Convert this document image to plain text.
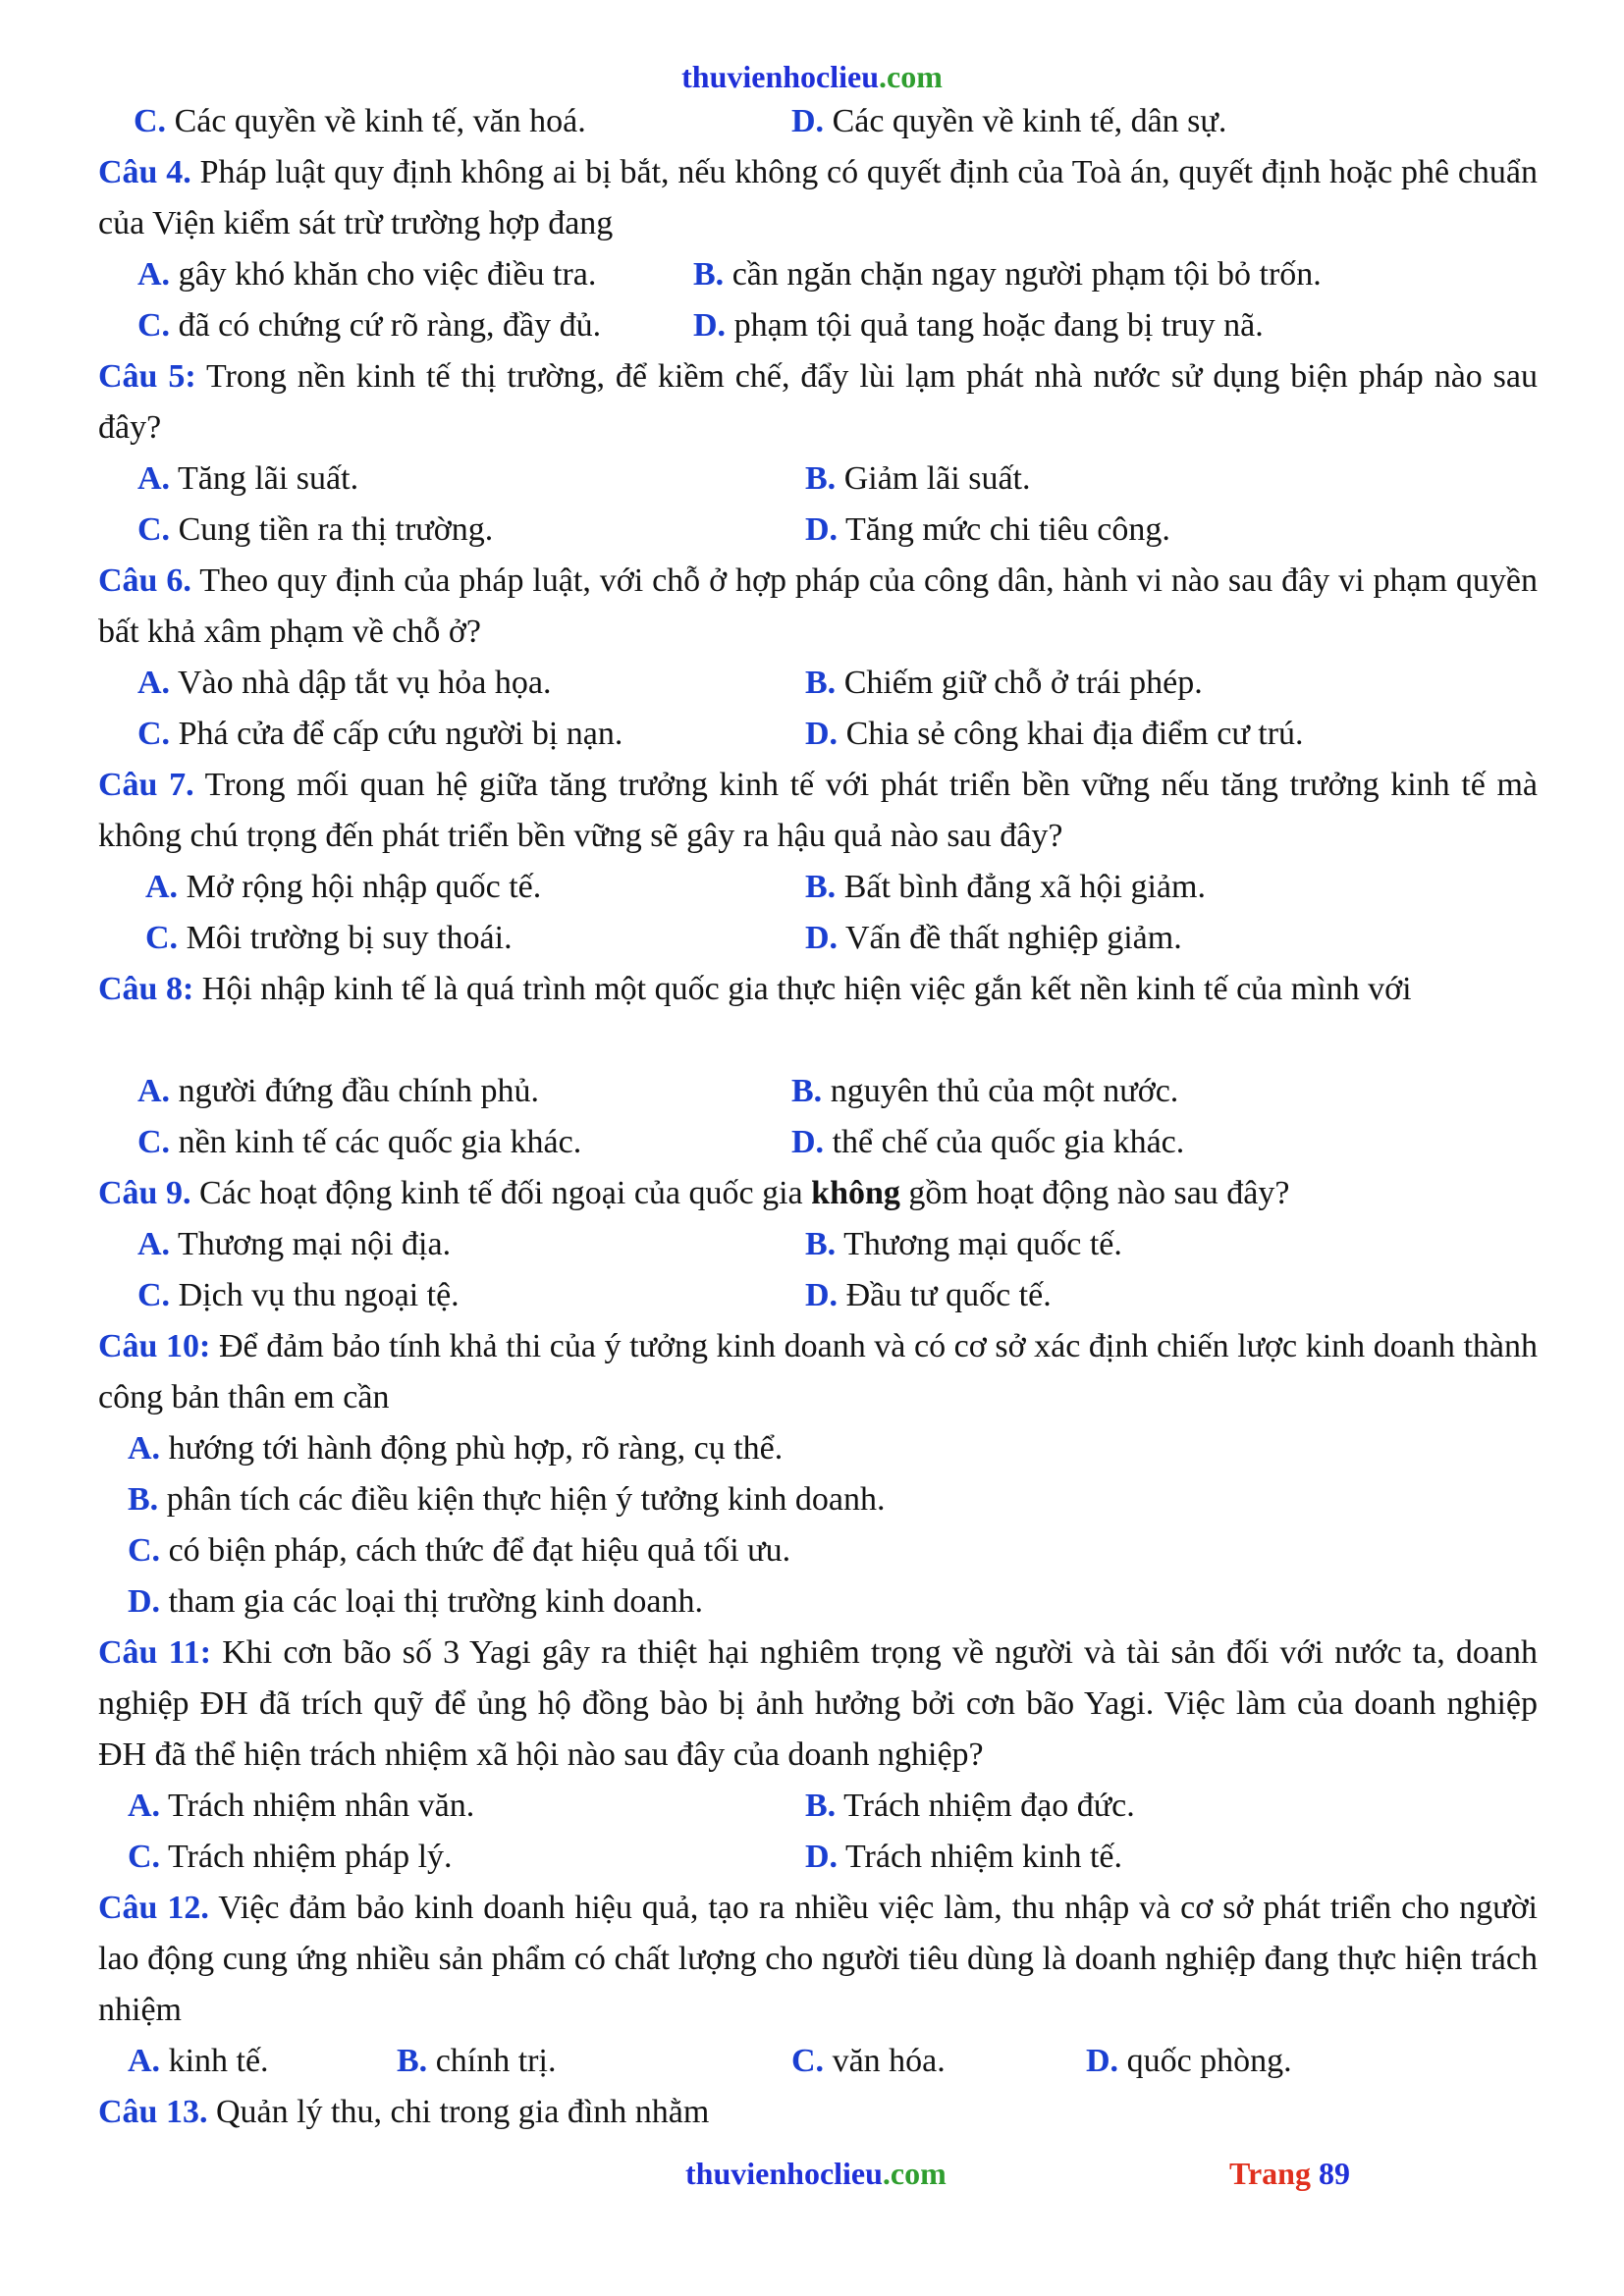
thuvienhoclieu.com
C. Các quyền về kinh tế, văn hoá.	D. Các quyền về kinh tế, dân sự.
Câu 4. Pháp luật quy định không ai bị bắt, nếu không có quyết định của Toà án, quyết định hoặc phê chuẩn của Viện kiểm sát trừ trường hợp đang
A. gây khó khăn cho việc điều tra.	B. cần ngăn chặn ngay người phạm tội bỏ trốn.
C. đã có chứng cứ rõ ràng, đầy đủ.	D. phạm tội quả tang hoặc đang bị truy nã.
Câu 5: Trong nền kinh tế thị trường, để kiềm chế, đẩy lùi lạm phát nhà nước sử dụng biện pháp nào sau đây?
A. Tăng lãi suất.	B. Giảm lãi suất.
C. Cung tiền ra thị trường.	D. Tăng mức chi tiêu công.
Câu 6. Theo quy định của pháp luật, với chỗ ở hợp pháp của công dân, hành vi nào sau đây vi phạm quyền bất khả xâm phạm về chỗ ở?
A. Vào nhà dập tắt vụ hỏa họa.	B. Chiếm giữ chỗ ở trái phép.
C. Phá cửa để cấp cứu người bị nạn.	D. Chia sẻ công khai địa điểm cư trú.
Câu 7. Trong mối quan hệ giữa tăng trưởng kinh tế với phát triển bền vững nếu tăng trưởng kinh tế mà không chú trọng đến phát triển bền vững sẽ gây ra hậu quả nào sau đây?
A. Mở rộng hội nhập quốc tế.	B. Bất bình đẳng xã hội giảm.
C. Môi trường bị suy thoái.	D. Vấn đề thất nghiệp giảm.
Câu 8: Hội nhập kinh tế là quá trình một quốc gia thực hiện việc gắn kết nền kinh tế của mình với
A. người đứng đầu chính phủ.	B. nguyên thủ của một nước.
C. nền kinh tế các quốc gia khác.	D. thể chế của quốc gia khác.
Câu 9. Các hoạt động kinh tế đối ngoại của quốc gia không gồm hoạt động nào sau đây?
A. Thương mại nội địa.	B. Thương mại quốc tế.
C. Dịch vụ thu ngoại tệ.	D. Đầu tư quốc tế.
Câu 10: Để đảm bảo tính khả thi của ý tưởng kinh doanh và có cơ sở xác định chiến lược kinh doanh thành công bản thân em cần
A. hướng tới hành động phù hợp, rõ ràng, cụ thể.
B. phân tích các điều kiện thực hiện ý tưởng kinh doanh.
C. có biện pháp, cách thức để đạt hiệu quả tối ưu.
D. tham gia các loại thị trường kinh doanh.
Câu 11: Khi cơn bão số 3 Yagi gây ra thiệt hại nghiêm trọng về người và tài sản đối với nước ta, doanh nghiệp ĐH đã trích quỹ để ủng hộ đồng bào bị ảnh hưởng bởi cơn bão Yagi. Việc làm của doanh nghiệp ĐH đã thể hiện trách nhiệm xã hội nào sau đây của doanh nghiệp?
A. Trách nhiệm nhân văn.	B. Trách nhiệm đạo đức.
C. Trách nhiệm pháp lý.	D. Trách nhiệm kinh tế.
Câu 12. Việc đảm bảo kinh doanh hiệu quả, tạo ra nhiều việc làm, thu nhập và cơ sở phát triển cho người lao động cung ứng nhiều sản phẩm có chất lượng cho người tiêu dùng là doanh nghiệp đang thực hiện trách nhiệm
A. kinh tế.	B. chính trị.	C. văn hóa.	D. quốc phòng.
Câu 13. Quản lý thu, chi trong gia đình nhằm
thuvienhoclieu.com	Trang 89
